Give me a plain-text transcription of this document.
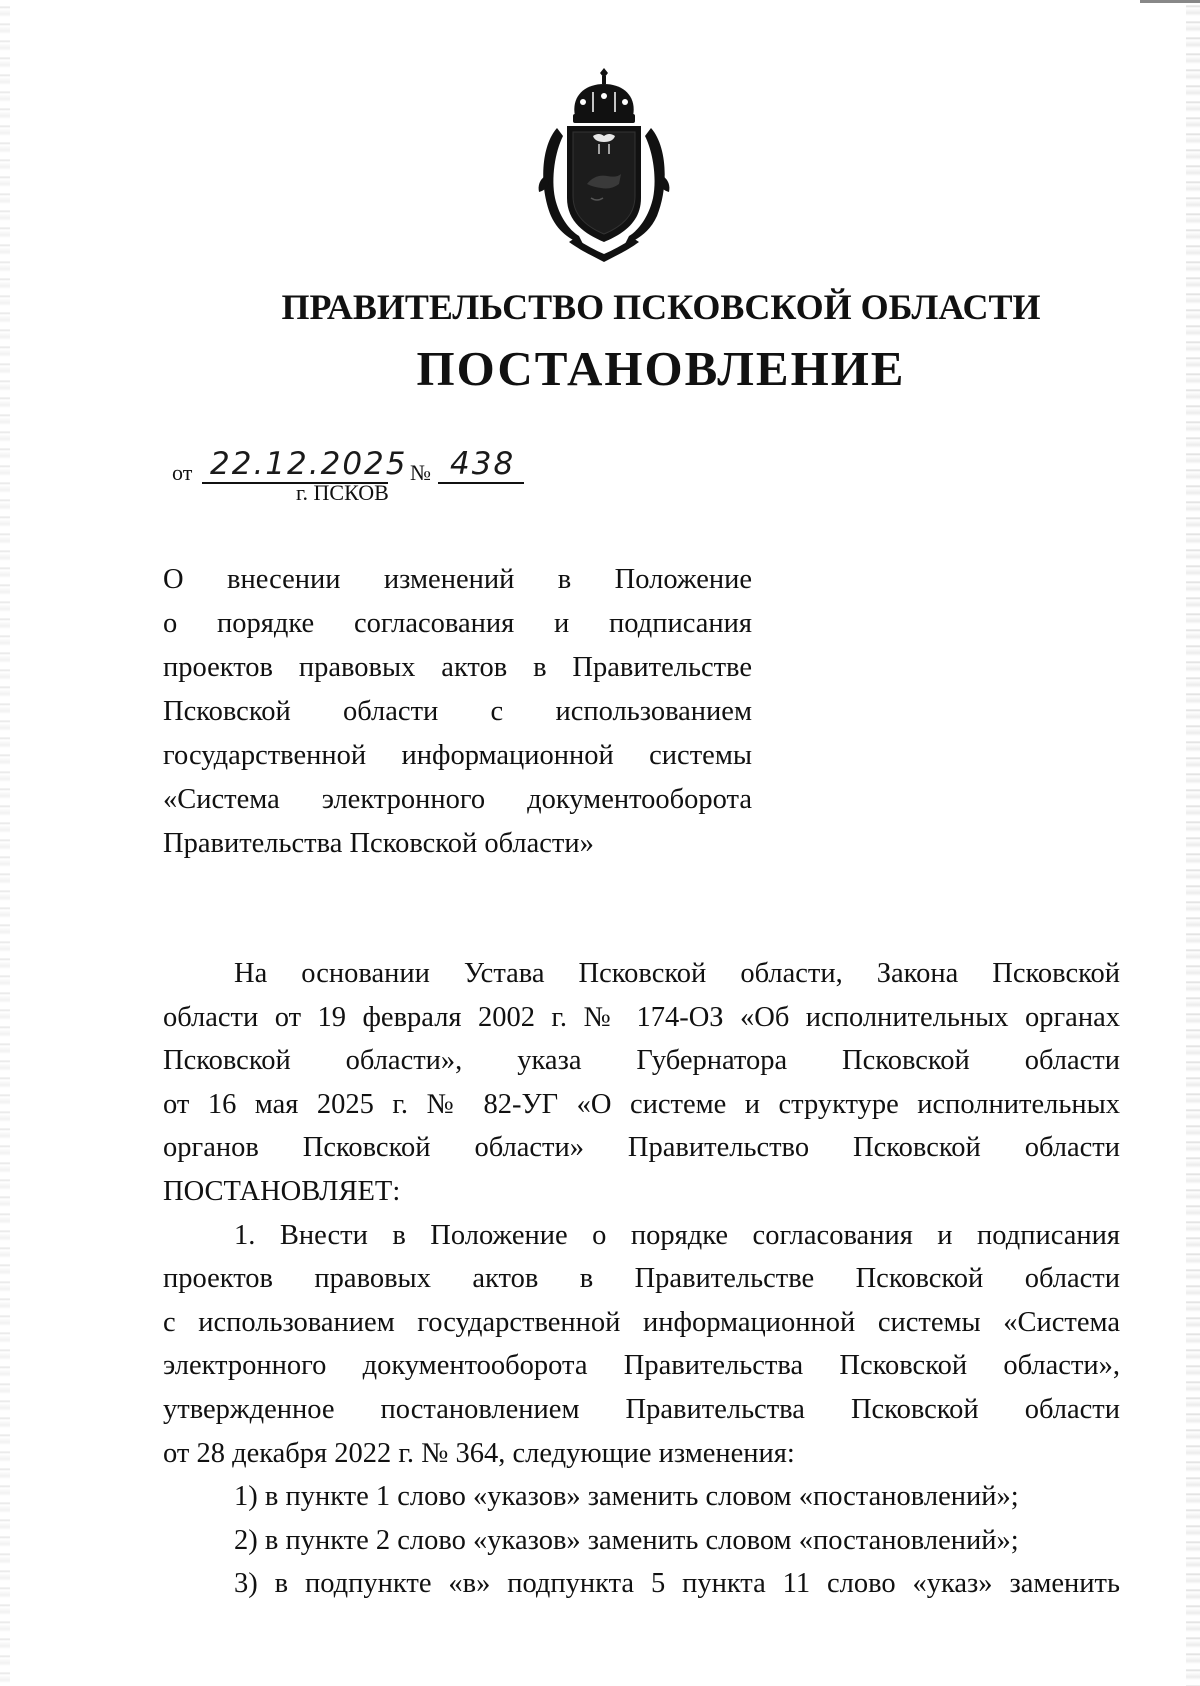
ПРАВИТЕЛЬСТВО ПСКОВСКОЙ ОБЛАСТИ
ПОСТАНОВЛЕНИЕ
от 22.12.2025 № 438
г. ПСКОВ
О внесении изменений в Положение
о порядке согласования и подписания
проектов правовых актов в Правительстве
Псковской области с использованием
государственной информационной системы
«Система электронного документооборота
Правительства Псковской области»
На основании Устава Псковской области, Закона Псковской
области от 19 февраля 2002 г. № 174-ОЗ «Об исполнительных органах
Псковской области», указа Губернатора Псковской области
от 16 мая 2025 г. № 82-УГ «О системе и структуре исполнительных
органов Псковской области» Правительство Псковской области
ПОСТАНОВЛЯЕТ:
1. Внести в Положение о порядке согласования и подписания
проектов правовых актов в Правительстве Псковской области
с использованием государственной информационной системы «Система
электронного документооборота Правительства Псковской области»,
утвержденное постановлением Правительства Псковской области
от 28 декабря 2022 г. № 364, следующие изменения:
1) в пункте 1 слово «указов» заменить словом «постановлений»;
2) в пункте 2 слово «указов» заменить словом «постановлений»;
3) в подпункте «в» подпункта 5 пункта 11 слово «указ» заменить
